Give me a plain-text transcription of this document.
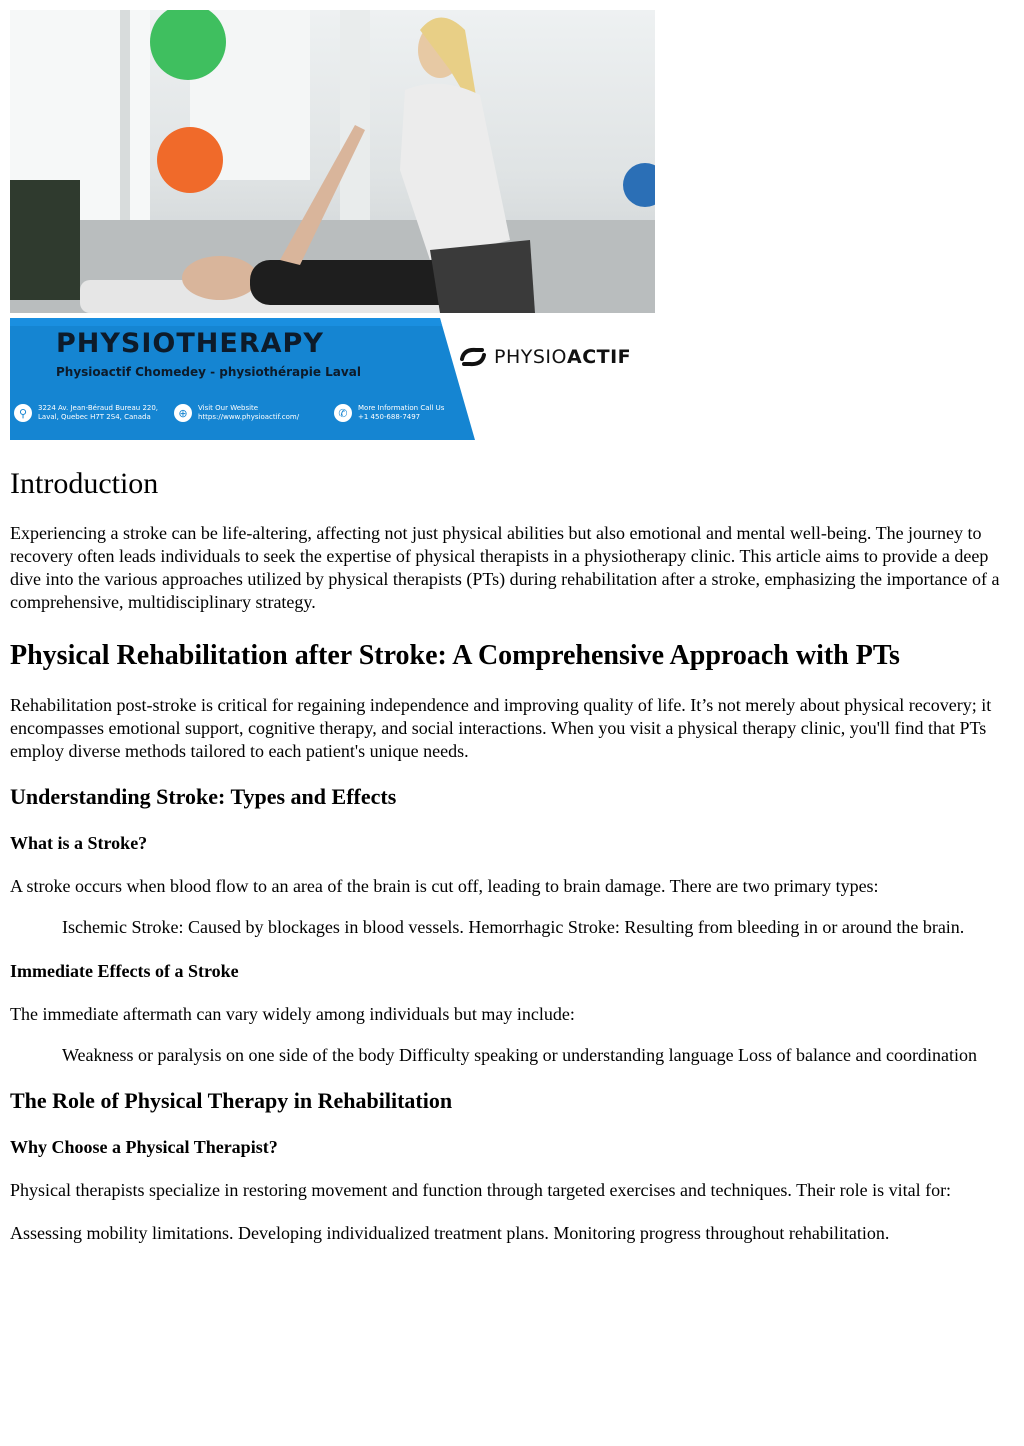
PHYSIOTHERAPY
Physioactif Chomedey - physiothérapie Laval
⚲	3224 Av. Jean-Béraud Bureau 220, Laval, Quebec H7T 2S4, Canada	⊕	Visit Our Website
https://www.physioactif.com/	✆	More Information Call Us
+1 450-688-7497
PHYSIO ACTIF
Introduction

Experiencing a stroke can be life-altering, affecting not just physical abilities but also emotional and mental well-being. The journey to recovery often leads individuals to seek the expertise of physical therapists in a physiotherapy clinic. This article aims to provide a deep dive into the various approaches utilized by physical therapists (PTs) during rehabilitation after a stroke, emphasizing the importance of a comprehensive, multidisciplinary strategy.

Physical Rehabilitation after Stroke: A Comprehensive Approach with PTs

Rehabilitation post-stroke is critical for regaining independence and improving quality of life. It’s not merely about physical recovery; it encompasses emotional support, cognitive therapy, and social interactions. When you visit a physical therapy clinic, you'll find that PTs employ diverse methods tailored to each patient's unique needs.

Understanding Stroke: Types and Effects
What is a Stroke?

A stroke occurs when blood flow to an area of the brain is cut off, leading to brain damage. There are two primary types:

Ischemic Stroke: Caused by blockages in blood vessels. Hemorrhagic Stroke: Resulting from bleeding in or around the brain.

Immediate Effects of a Stroke

The immediate aftermath can vary widely among individuals but may include:

Weakness or paralysis on one side of the body Difficulty speaking or understanding language Loss of balance and coordination

The Role of Physical Therapy in Rehabilitation
Why Choose a Physical Therapist?

Physical therapists specialize in restoring movement and function through targeted exercises and techniques. Their role is vital for:

Assessing mobility limitations. Developing individualized treatment plans. Monitoring progress throughout rehabilitation.
